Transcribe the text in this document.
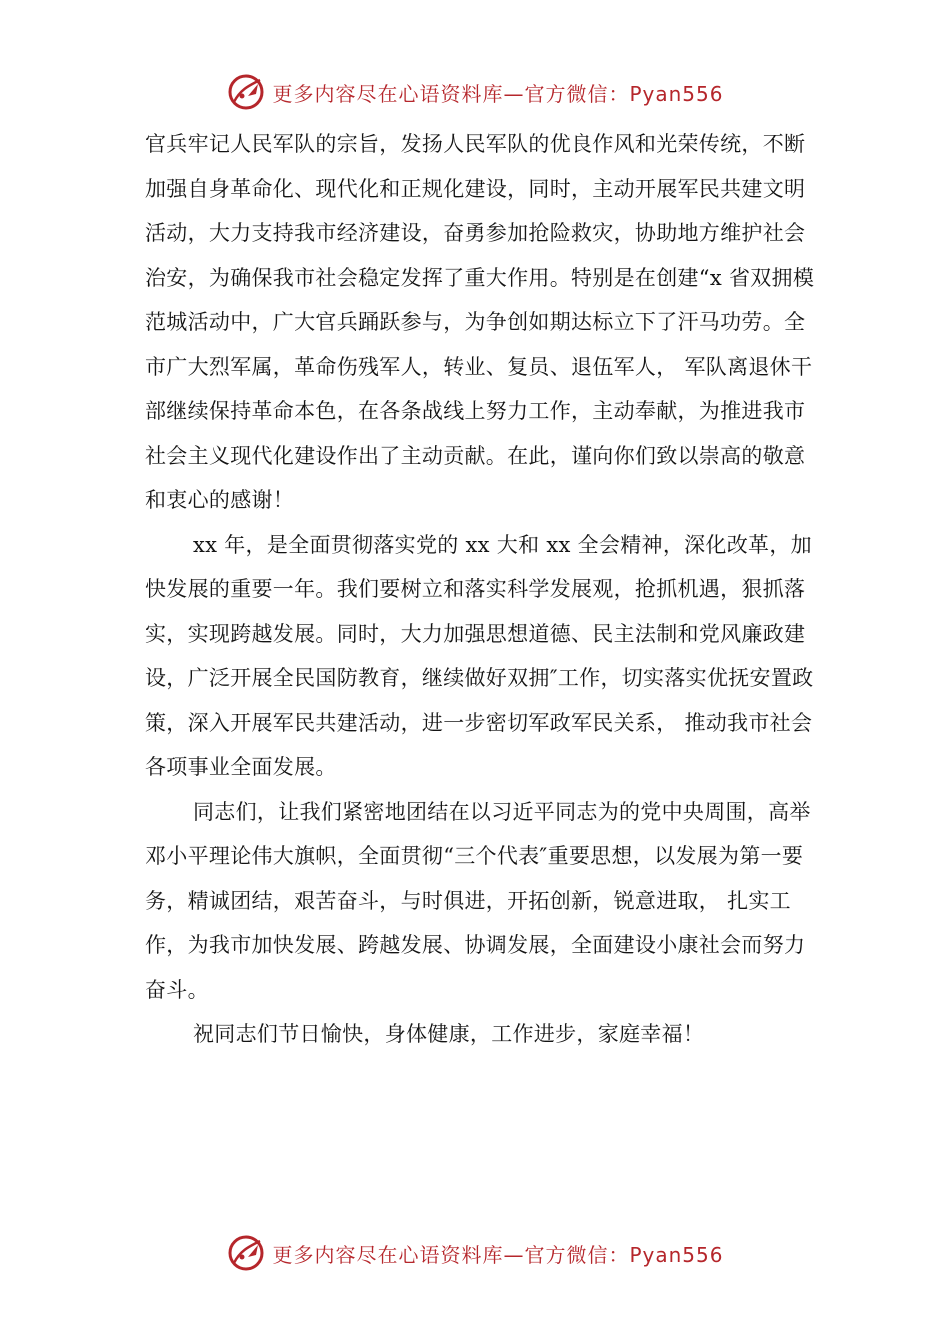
更多内容尽在心语资料库—官方微信：Pyan556

官兵牢记人民军队的宗旨，发扬人民军队的优良作风和光荣传统，不断加强自身革命化、现代化和正规化建设，同时，主动开展军民共建文明活动，大力支持我市经济建设，奋勇参加抢险救灾，协助地方维护社会治安，为确保我市社会稳定发挥了重大作用。特别是在创建“x 省双拥模范城活动中，广大官兵踊跃参与，为争创如期达标立下了汗马功劳。全市广大烈军属，革命伤残军人，转业、复员、退伍军人， 军队离退休干部继续保持革命本色，在各条战线上努力工作，主动奉献，为推进我市社会主义现代化建设作出了主动贡献。在此，谨向你们致以崇高的敬意和衷心的感谢！

xx 年，是全面贯彻落实党的 xx 大和 xx 全会精神，深化改革，加快发展的重要一年。我们要树立和落实科学发展观，抢抓机遇，狠抓落实，实现跨越发展。同时，大力加强思想道德、民主法制和党风廉政建设，广泛开展全民国防教育，继续做好双拥″工作，切实落实优抚安置政策，深入开展军民共建活动，进一步密切军政军民关系， 推动我市社会各项事业全面发展。

同志们，让我们紧密地团结在以习近平同志为的党中央周围，高举邓小平理论伟大旗帜，全面贯彻“三个代表″重要思想，以发展为第一要务，精诚团结，艰苦奋斗，与时俱进，开拓创新，锐意进取， 扎实工作，为我市加快发展、跨越发展、协调发展，全面建设小康社会而努力奋斗。

祝同志们节日愉快，身体健康，工作进步，家庭幸福！

更多内容尽在心语资料库—官方微信：Pyan556
